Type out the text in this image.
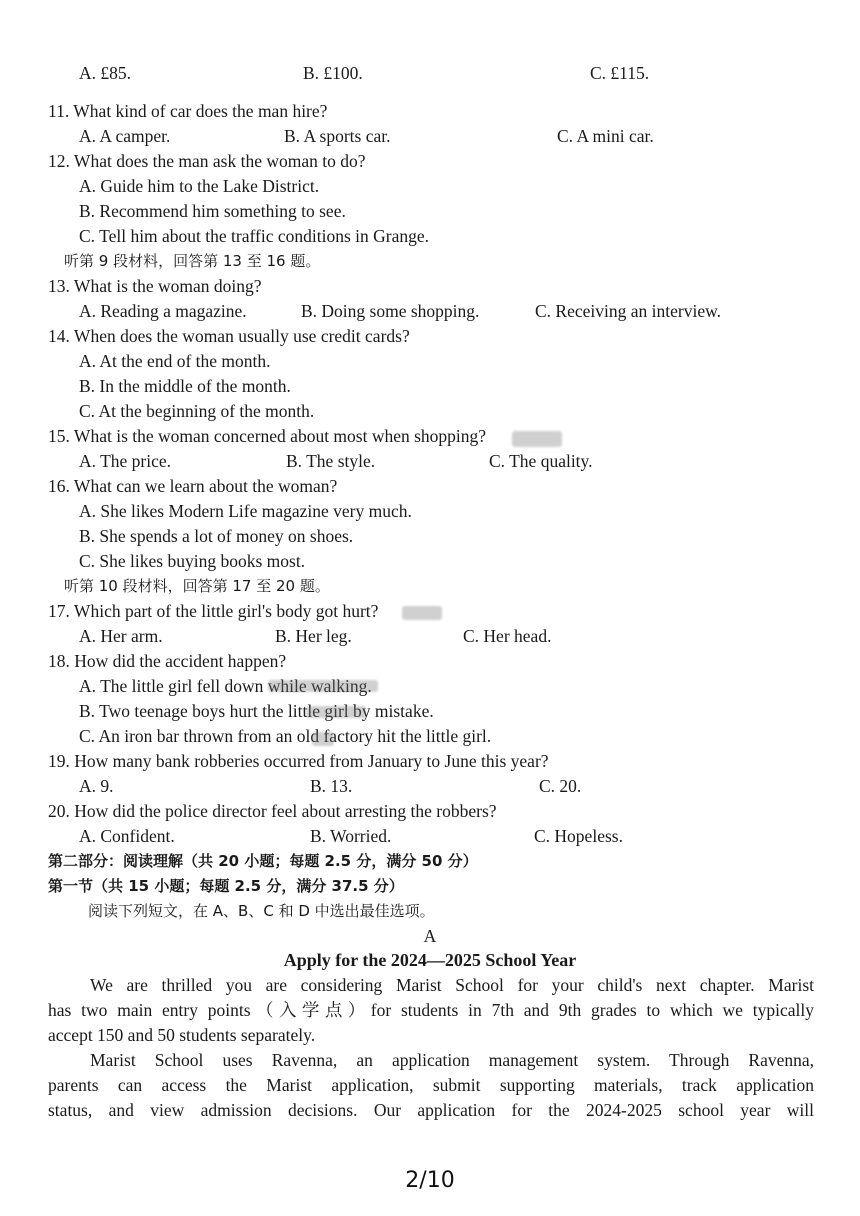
A. £85.	B. £100.	C. £115.
11. What kind of car does the man hire?
A. A camper.	B. A sports car.	C. A mini car.
12. What does the man ask the woman to do?
A. Guide him to the Lake District.
B. Recommend him something to see.
C. Tell him about the traffic conditions in Grange.
听第 9 段材料，回答第 13 至 16 题。
13. What is the woman doing?
A. Reading a magazine.	B. Doing some shopping.	C. Receiving an interview.
14. When does the woman usually use credit cards?
A. At the end of the month.
B. In the middle of the month.
C. At the beginning of the month.
15. What is the woman concerned about most when shopping?
A. The price.	B. The style.	C. The quality.
16. What can we learn about the woman?
A. She likes Modern Life magazine very much.
B. She spends a lot of money on shoes.
C. She likes buying books most.
听第 10 段材料，回答第 17 至 20 题。
17. Which part of the little girl's body got hurt?
A. Her arm.	B. Her leg.	C. Her head.
18. How did the accident happen?
A. The little girl fell down while walking.
B. Two teenage boys hurt the little girl by mistake.
C. An iron bar thrown from an old factory hit the little girl.
19. How many bank robberies occurred from January to June this year?
A. 9.	B. 13.	C. 20.
20. How did the police director feel about arresting the robbers?
A. Confident.	B. Worried.	C. Hopeless.
第二部分：阅读理解（共 20 小题；每题 2.5 分，满分 50 分）
第一节（共 15 小题；每题 2.5 分，满分 37.5 分）
阅读下列短文，在 A、B、C 和 D 中选出最佳选项。
A
Apply for the 2024—2025 School Year

We are thrilled you are considering Marist School for your child's next chapter. Marist

has two main entry points（入学点）for students in 7th and 9th grades to which we typically

accept 150 and 50 students separately.

Marist School uses Ravenna, an application management system. Through Ravenna,

parents can access the Marist application, submit supporting materials, track application

status, and view admission decisions. Our application for the 2024-2025 school year will

2/10
